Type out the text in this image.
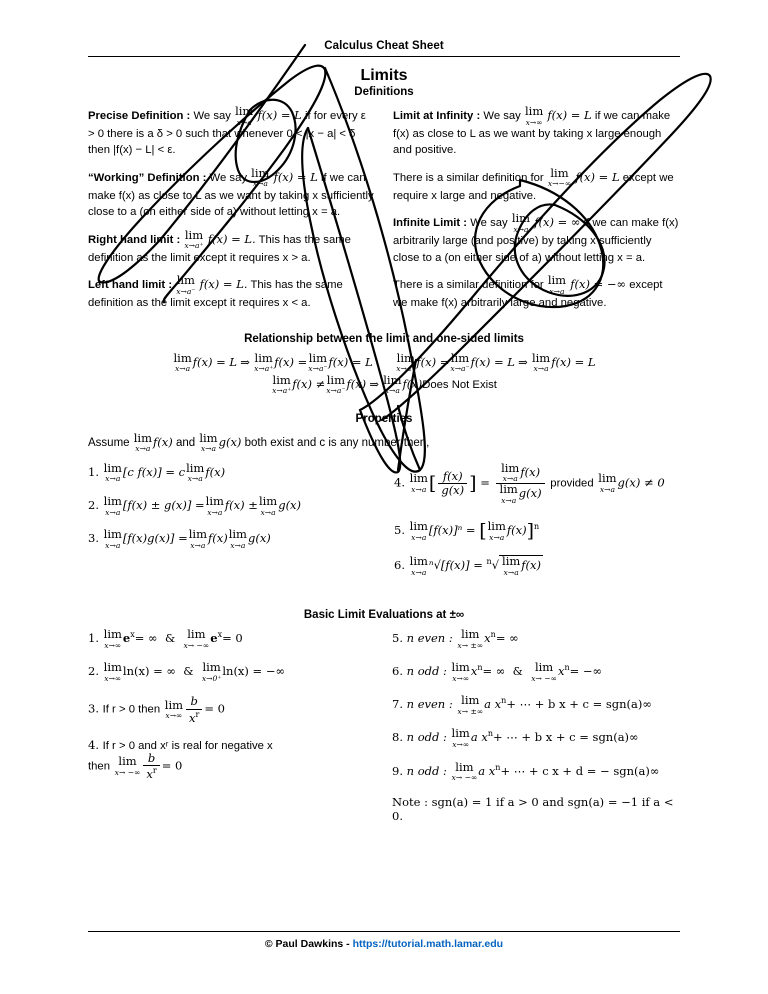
Calculus Cheat Sheet
Limits
Definitions
Precise Definition : We say lim
x→a f(x) = L if for every ε > 0 there is a δ > 0 such that whenever 0 < |x − a| < δ then |f(x) − L| < ε.
“Working” Definition : We say lim
x→a f(x) = L if we can make f(x) as close to L as we want by taking x sufficiently close to a (on either side of a) without letting x = a.
Right hand limit : lim
x→a⁺ f(x) = L. This has the same definition as the limit except it requires x > a.
Left hand limit : lim
x→a⁻ f(x) = L. This has the same definition as the limit except it requires x < a.
Limit at Infinity : We say lim
x→∞ f(x) = L if we can make f(x) as close to L as we want by taking x large enough and positive.
There is a similar definition for lim
x→−∞ f(x) = L except we require x large and negative.
Infinite Limit : We say lim
x→a f(x) = ∞ if we can make f(x) arbitrarily large (and positive) by taking x sufficiently close to a (on either side of a) without letting x = a.
There is a similar definition for lim
x→a f(x) = −∞ except we make f(x) arbitrarily large and negative.
Relationship between the limit and one-sided limits
lim
x→a f(x) = L ⇒ lim
x→a⁺ f(x) = lim
x→a⁻ f(x) = L lim
x→a⁺ f(x) = lim
x→a⁻ f(x) = L ⇒ lim
x→a f(x) = L
lim
x→a⁺ f(x) ≠ lim
x→a⁻ f(x) ⇒ lim
x→a f(x)Does Not Exist
Properties
Assume lim
x→a f(x) and lim
x→a g(x) both exist and c is any number then,
1. lim
x→a [c f(x)] = c lim
x→a f(x)
2. lim
x→a [f(x) ± g(x)] = lim
x→a f(x) ± lim
x→a g(x)
3. lim
x→a [f(x)g(x)] = lim
x→a f(x) lim
x→a g(x)
4. lim
x→a [ $\frac{f(x)}{g(x)}$ ] = lim
x→a f(x)
lim
x→a g(x) provided lim
x→a g(x) ≠ 0
5. lim
x→a [f(x)]ⁿ = [ lim
x→a f(x)]$^n$
6. lim
x→a ⁿ√[f(x)] = $^n$√ lim
x→a f(x)
Basic Limit Evaluations at ±∞
1. lim
x→∞ $e^x=$ ∞ &	lim
x→ −∞ $e^x= 0$
2. lim
x→∞ ln(x) = ∞ & lim
x→0⁺ ln(x) = −∞
3. If r > 0 then lim
$x\to\infty \frac{b}{x^r} = 0$
4. If r > 0 and xʳ is real for negative x
then lim
x→ −∞ $\frac{b}{x^r} = 0$
5. n even : lim
x→ ±∞ $x^n=$ ∞
6. n odd : lim
x→∞ $x^n=$ ∞ &	lim
x→ −∞ $x^n=$ −∞
7. n even : lim
x→ ±∞ a $x^n+$ ⋯ + b x + c = sgn(a)∞
8. n odd : lim
x→∞ a $x^n+$ ⋯ + b x + c = sgn(a)∞
9. n odd : lim
x→ −∞ a $x^n+$ ⋯ + c x + d = − sgn(a)∞
Note : sgn(a) = 1 if a > 0 and sgn(a) = −1 if a < 0.
© Paul Dawkins - https://tutorial.math.lamar.edu
